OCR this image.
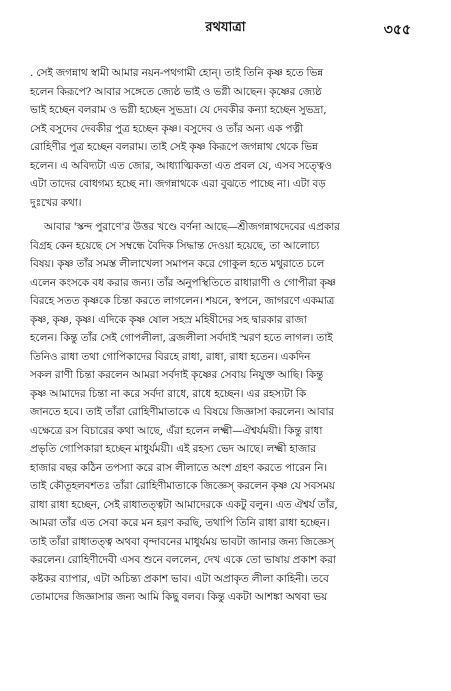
রথযাত্রা	৩৫৫

. সেই জগন্নাথ স্বামী আমার নয়ন-পথগামী হোন্। তাই তিনি কৃষ্ণ হতে ভিন্ন
হলেন কিরূপে? আবার সঙ্গেতে জ্যেষ্ঠ ভাই ও ভগ্নী আছেন। কৃষ্ণের জ্যেষ্ঠ
ভাই হচ্ছেন বলরাম ও ভগ্নী হচ্ছেন সুভদ্রা। যে দেবকীর কন্যা হচ্ছেন সুভদ্রা,
সেই বসুদেব দেবকীর পুত্র হচ্ছেন কৃষ্ণ। বসুদেব ও তাঁর অন্য এক পত্নী
রোহিণীর পুত্র হচ্ছেন বলরাম। তাই সেই কৃষ্ণ কিরূপে জগন্নাথ থেকে ভিন্ন
হলেন। এ অবিদ্যটা এত জোর, আধ্যাত্মিকতা এত প্রবল যে, এসব সত্ত্বেও
এটা তাদের বোধগম্য হচ্ছে না। জগন্নাথকে এরা বুঝতে পাচ্ছে না। এটা বড়
দুঃখের কথা।

আবার 'স্কন্দ পুরাণে'র উত্তর খণ্ডে বর্ণনা আছে—শ্রীজগন্নাথদেবের এপ্রকার
বিগ্রহ কেন হয়েছে সে সম্বন্ধে বৈদিক সিদ্ধান্ত দেওয়া হয়েছে, তা আলোচ্য
বিষয়। কৃষ্ণ তাঁর সমস্ত লীলাখেলা সমাপন করে গোকুল হতে মথুরাতে চলে
এলেন কংসকে বধ করার জন্য। তাঁর অনুপস্থিতিতে রাধারাণী ও গোপীরা কৃষ্ণ
বিরহে সতত কৃষ্ণকে চিন্তা করতে লাগলেন। শয়নে, স্বপনে, জাগরণে একমাত্র
কৃষ্ণ, কৃষ্ণ, কৃষ্ণ। এদিকে কৃষ্ণ ষোল সহস্র মহিষীদের সহ দ্বারকার রাজা
হলেন। কিন্তু তাঁর সেই গোপলীলা, ব্রজলীলা সর্বদাই স্মরণ হতে লাগল। তাই
তিনিও রাধা তথা গোপিকাদের বিরহে রাধা, রাধা, রাধা হতেন। একদিন
সকল রাণী চিন্তা করলেন আমরা সর্বদাই কৃষ্ণের সেবায় নিযুক্ত আছি। কিন্তু
কৃষ্ণ আমাদের চিন্তা না করে সর্বদা রাধে, রাধে হচ্ছেন। এর রহস্যটা কি
জানতে হবে। তাই তাঁরা রোহিণীমাতাকে এ বিষয়ে জিজ্ঞাসা করলেন। আবার
এক্ষেত্রে রস বিচারের কথা আছে, এঁরা হলেন লক্ষ্মী—ঐশ্বর্যময়ী। কিন্তু রাধা
প্রভৃতি গোপিকারা হচ্ছেন মাধুর্যময়ী। এই রহস্য ভেদ আছে। লক্ষ্মী হাজার
হাজার বছর কঠিন তপস্যা করে রাস লীলাতে অংশ গ্রহণ করতে পারেন নি।
তাই কৌতূহলবশতঃ তাঁরা রোহিণীমাতাকে জিজ্ঞেস্ করলেন কৃষ্ণ যে সবসময়
রাধা রাধা হচ্ছেন, সেই রাধাতত্ত্বটা আমাদেরকে একটু বলুন। এত ঐশ্বর্য তাঁর,
আমরা তাঁর এত সেবা করে মন হরণ করছি, তথাপি তিনি রাধা রাধা হচ্ছেন।
তাই তাঁরা রাধাতত্ত্ব অথবা বৃন্দাবনের মাধুর্যময় ভাবটা জানার জন্য জিজ্ঞেস্
করলেন। রোহিণীদেবী এসব শুনে বললেন, দেখ একে তো ভাষায় প্রকাশ করা
কষ্টকর ব্যাপার, এটা অচিন্ত্য প্রকাশ ভাব। এটা অপ্রাকৃত লীলা কাহিনী। তবে
তোমাদের জিজ্ঞাসার জন্য আমি কিছু বলব। কিন্তু একটা আশঙ্কা অথবা ভয়
